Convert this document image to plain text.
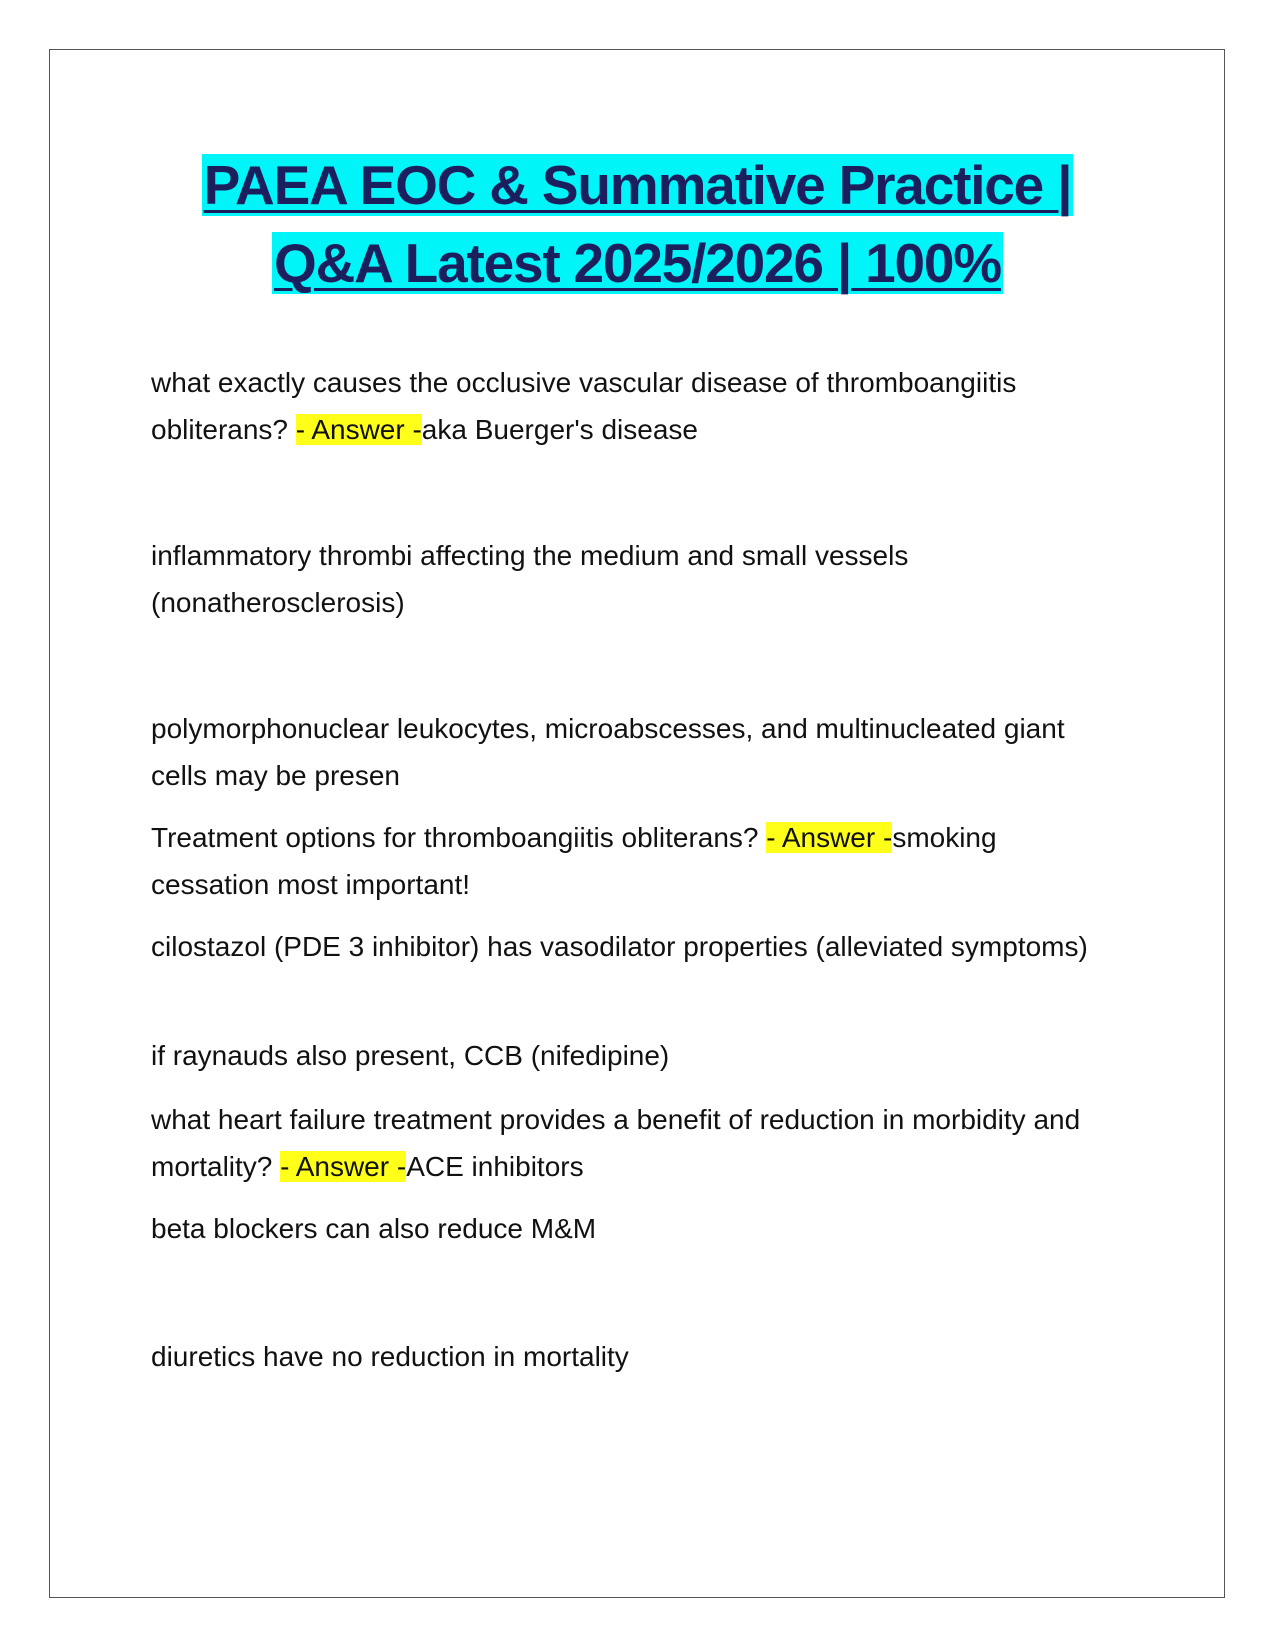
PAEA EOC & Summative Practice |
Q&A Latest 2025/2026 | 100%

what exactly causes the occlusive vascular disease of thromboangiitis obliterans? - Answer -aka Buerger's disease

inflammatory thrombi affecting the medium and small vessels (nonatherosclerosis)

polymorphonuclear leukocytes, microabscesses, and multinucleated giant cells may be presen

Treatment options for thromboangiitis obliterans? - Answer -smoking cessation most important!

cilostazol (PDE 3 inhibitor) has vasodilator properties (alleviated symptoms)

if raynauds also present, CCB (nifedipine)

what heart failure treatment provides a benefit of reduction in morbidity and mortality? - Answer -ACE inhibitors

beta blockers can also reduce M&M

diuretics have no reduction in mortality
